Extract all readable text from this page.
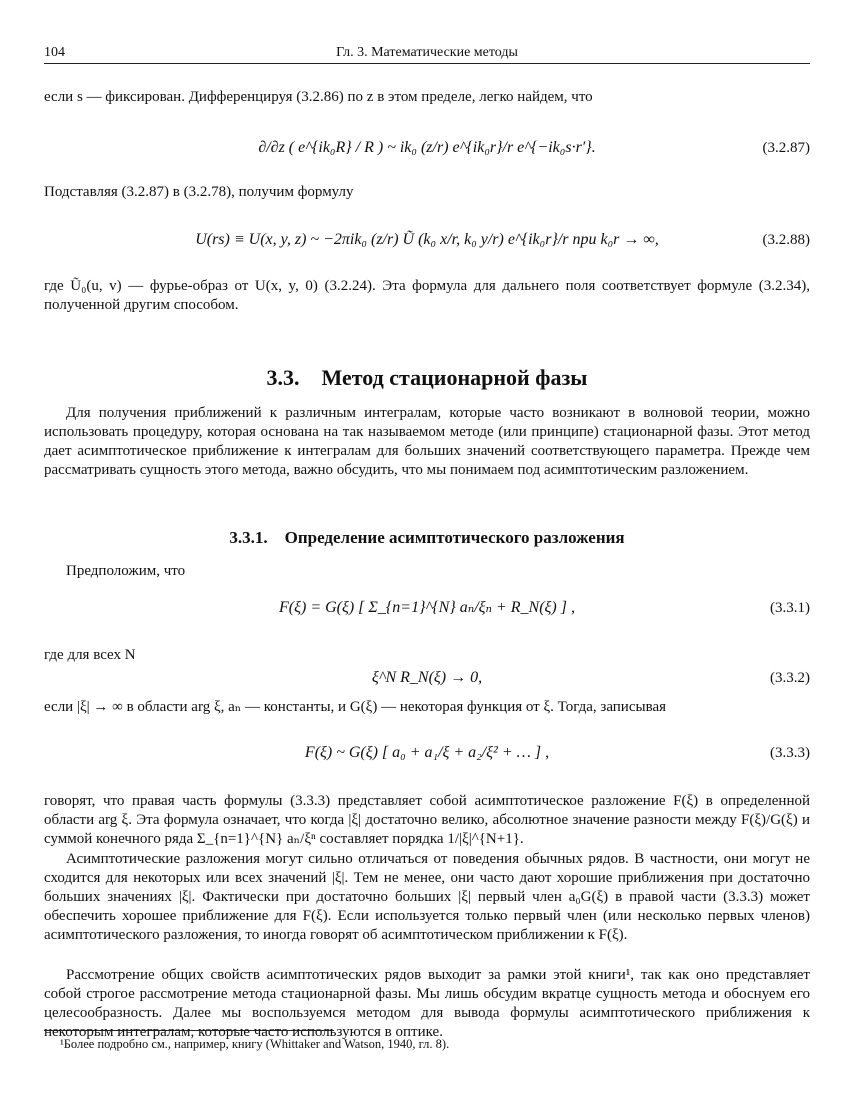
104	Гл. 3. Математические методы
если s — фиксирован. Дифференцируя (3.2.86) по z в этом пределе, легко найдем, что
∂/∂z ( e^{ik₀R} / R ) ~ ik₀ (z/r) e^{ik₀r}/r e^{−ik₀s·r′}.	(3.2.87)
Подставляя (3.2.87) в (3.2.78), получим формулу
U(rs) ≡ U(x, y, z) ~ −2πik₀ (z/r) Ũ (k₀ x/r, k₀ y/r) e^{ik₀r}/r при k₀r → ∞,	(3.2.88)
где Ũ₀(u, v) — фурье-образ от U(x, y, 0) (3.2.24). Эта формула для дальнего поля соответствует формуле (3.2.34), полученной другим способом.
3.3. Метод стационарной фазы
Для получения приближений к различным интегралам, которые часто возникают в волновой теории, можно использовать процедуру, которая основана на так называемом методе (или принципе) стационарной фазы. Этот метод дает асимптотическое приближение к интегралам для больших значений соответствующего параметра. Прежде чем рассматривать сущность этого метода, важно обсудить, что мы понимаем под асимптотическим разложением.
3.3.1. Определение асимптотического разложения
Предположим, что
F(ξ) = G(ξ) [ Σ_{n=1}^{N} aₙ/ξₙ + R_N(ξ) ] ,	(3.3.1)
где для всех N
ξ^N R_N(ξ) → 0,	(3.3.2)
если |ξ| → ∞ в области arg ξ, aₙ — константы, и G(ξ) — некоторая функция от ξ. Тогда, записывая
F(ξ) ~ G(ξ) [ a₀ + a₁/ξ + a₂/ξ² + … ] ,	(3.3.3)
говорят, что правая часть формулы (3.3.3) представляет собой асимптотическое разложение F(ξ) в определенной области arg ξ. Эта формула означает, что когда |ξ| достаточно велико, абсолютное значение разности между F(ξ)/G(ξ) и суммой конечного ряда Σ_{n=1}^{N} aₙ/ξⁿ составляет порядка 1/|ξ|^{N+1}.
Асимптотические разложения могут сильно отличаться от поведения обычных рядов. В частности, они могут не сходится для некоторых или всех значений |ξ|. Тем не менее, они часто дают хорошие приближения при достаточно больших значениях |ξ|. Фактически при достаточно больших |ξ| первый член a₀G(ξ) в правой части (3.3.3) может обеспечить хорошее приближение для F(ξ). Если используется только первый член (или несколько первых членов) асимптотического разложения, то иногда говорят об асимптотическом приближении к F(ξ).
Рассмотрение общих свойств асимптотических рядов выходит за рамки этой книги¹, так как оно представляет собой строгое рассмотрение метода стационарной фазы. Мы лишь обсудим вкратце сущность метода и обоснуем его целесообразность. Далее мы воспользуемся методом для вывода формулы асимптотического приближения к некоторым интегралам, которые часто используются в оптике.
¹Более подробно см., например, книгу (Whittaker and Watson, 1940, гл. 8).
